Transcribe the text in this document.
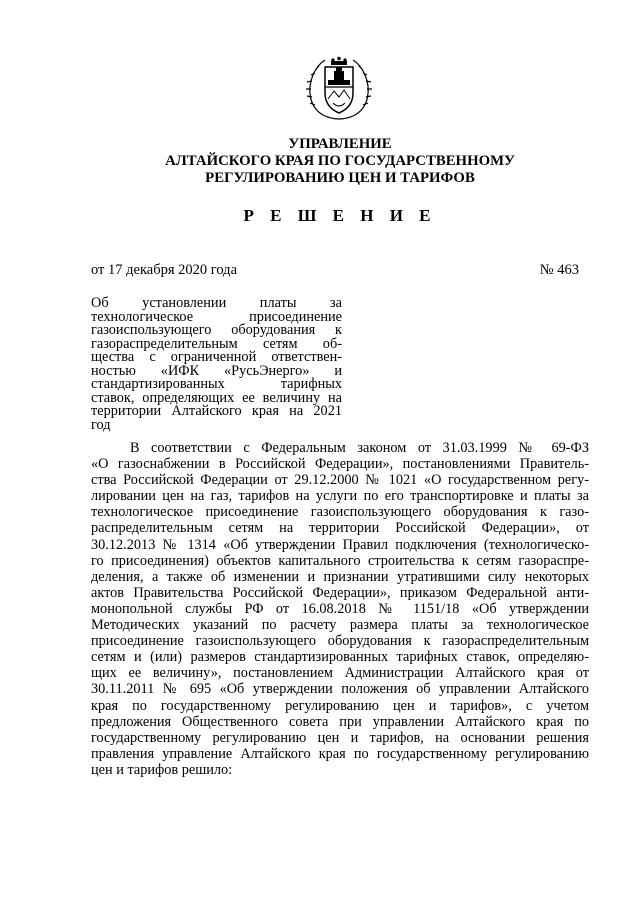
УПРАВЛЕНИЕ
АЛТАЙСКОГО КРАЯ ПО ГОСУДАРСТВЕННОМУ
РЕГУЛИРОВАНИЮ ЦЕН И ТАРИФОВ
Р Е Ш Е Н И Е
от 17 декабря 2020 года	№ 463
Об установлении платы за
технологическое присоединение
газоиспользующего оборудования к
газораспределительным сетям об-
щества с ограниченной ответствен-
ностью «ИФК «РусьЭнерго» и
стандартизированных тарифных
ставок, определяющих ее величину на
территории Алтайского края на 2021
год
В соответствии с Федеральным законом от 31.03.1999 № 69-ФЗ
«О газоснабжении в Российской Федерации», постановлениями Правитель-
ства Российской Федерации от 29.12.2000 № 1021 «О государственном регу-
лировании цен на газ, тарифов на услуги по его транспортировке и платы за
технологическое присоединение газоиспользующего оборудования к газо-
распределительным сетям на территории Российской Федерации», от
30.12.2013 № 1314 «Об утверждении Правил подключения (технологическо-
го присоединения) объектов капитального строительства к сетям газораспре-
деления, а также об изменении и признании утратившими силу некоторых
актов Правительства Российской Федерации», приказом Федеральной анти-
монопольной службы РФ от 16.08.2018 № 1151/18 «Об утверждении
Методических указаний по расчету размера платы за технологическое
присоединение газоиспользующего оборудования к газораспределительным
сетям и (или) размеров стандартизированных тарифных ставок, определяю-
щих ее величину», постановлением Администрации Алтайского края от
30.11.2011 № 695 «Об утверждении положения об управлении Алтайского
края по государственному регулированию цен и тарифов», с учетом
предложения Общественного совета при управлении Алтайского края по
государственному регулированию цен и тарифов, на основании решения
правления управление Алтайского края по государственному регулированию
цен и тарифов решило:
